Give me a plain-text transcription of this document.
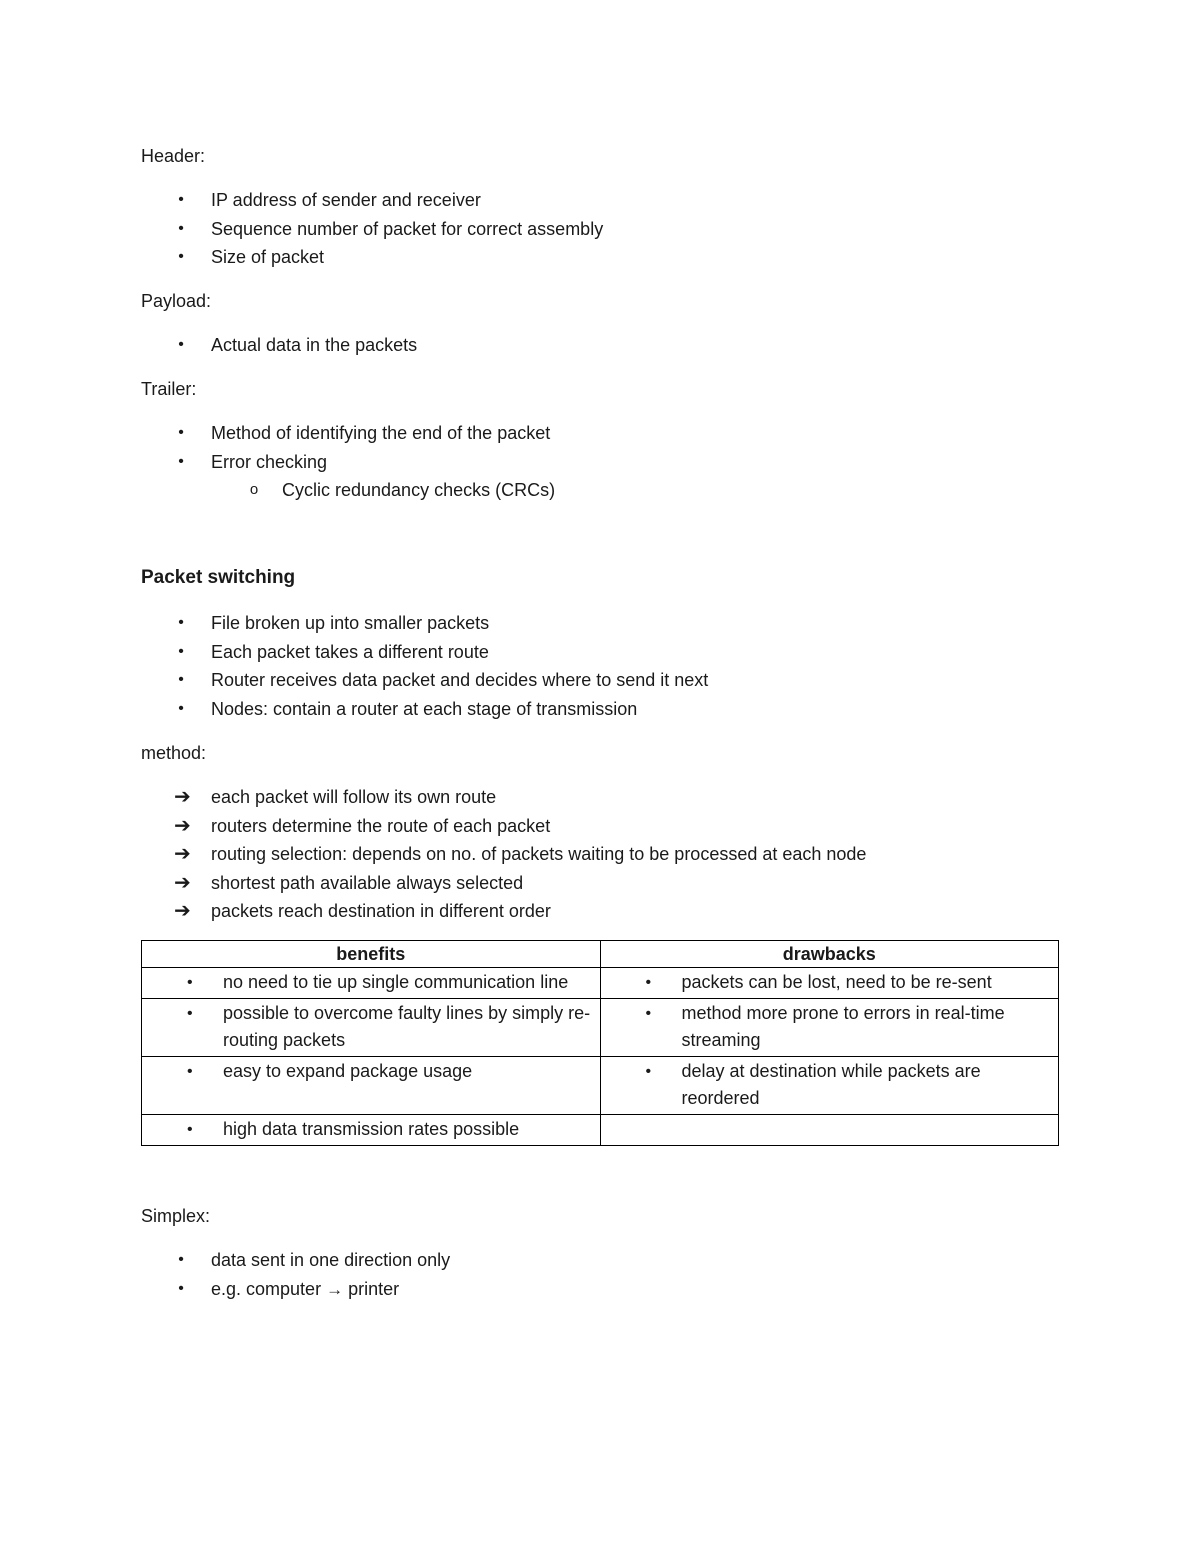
Header:
• IP address of sender and receiver
• Sequence number of packet for correct assembly
• Size of packet
Payload:
• Actual data in the packets
Trailer:
• Method of identifying the end of the packet
• Error checking
o Cyclic redundancy checks (CRCs)
Packet switching
• File broken up into smaller packets
• Each packet takes a different route
• Router receives data packet and decides where to send it next
• Nodes: contain a router at each stage of transmission
method:
➔ each packet will follow its own route
➔ routers determine the route of each packet
➔ routing selection: depends on no. of packets waiting to be processed at each node
➔ shortest path available always selected
➔ packets reach destination in different order
benefits	drawbacks

• no need to tie up single communication line	• packets can be lost, need to be re-sent

• possible to overcome faulty lines by simply re-routing packets	• method more prone to errors in real-time streaming

• easy to expand package usage	• delay at destination while packets are reordered

• high data transmission rates possible	

Simplex:
• data sent in one direction only
• e.g. computer → printer
